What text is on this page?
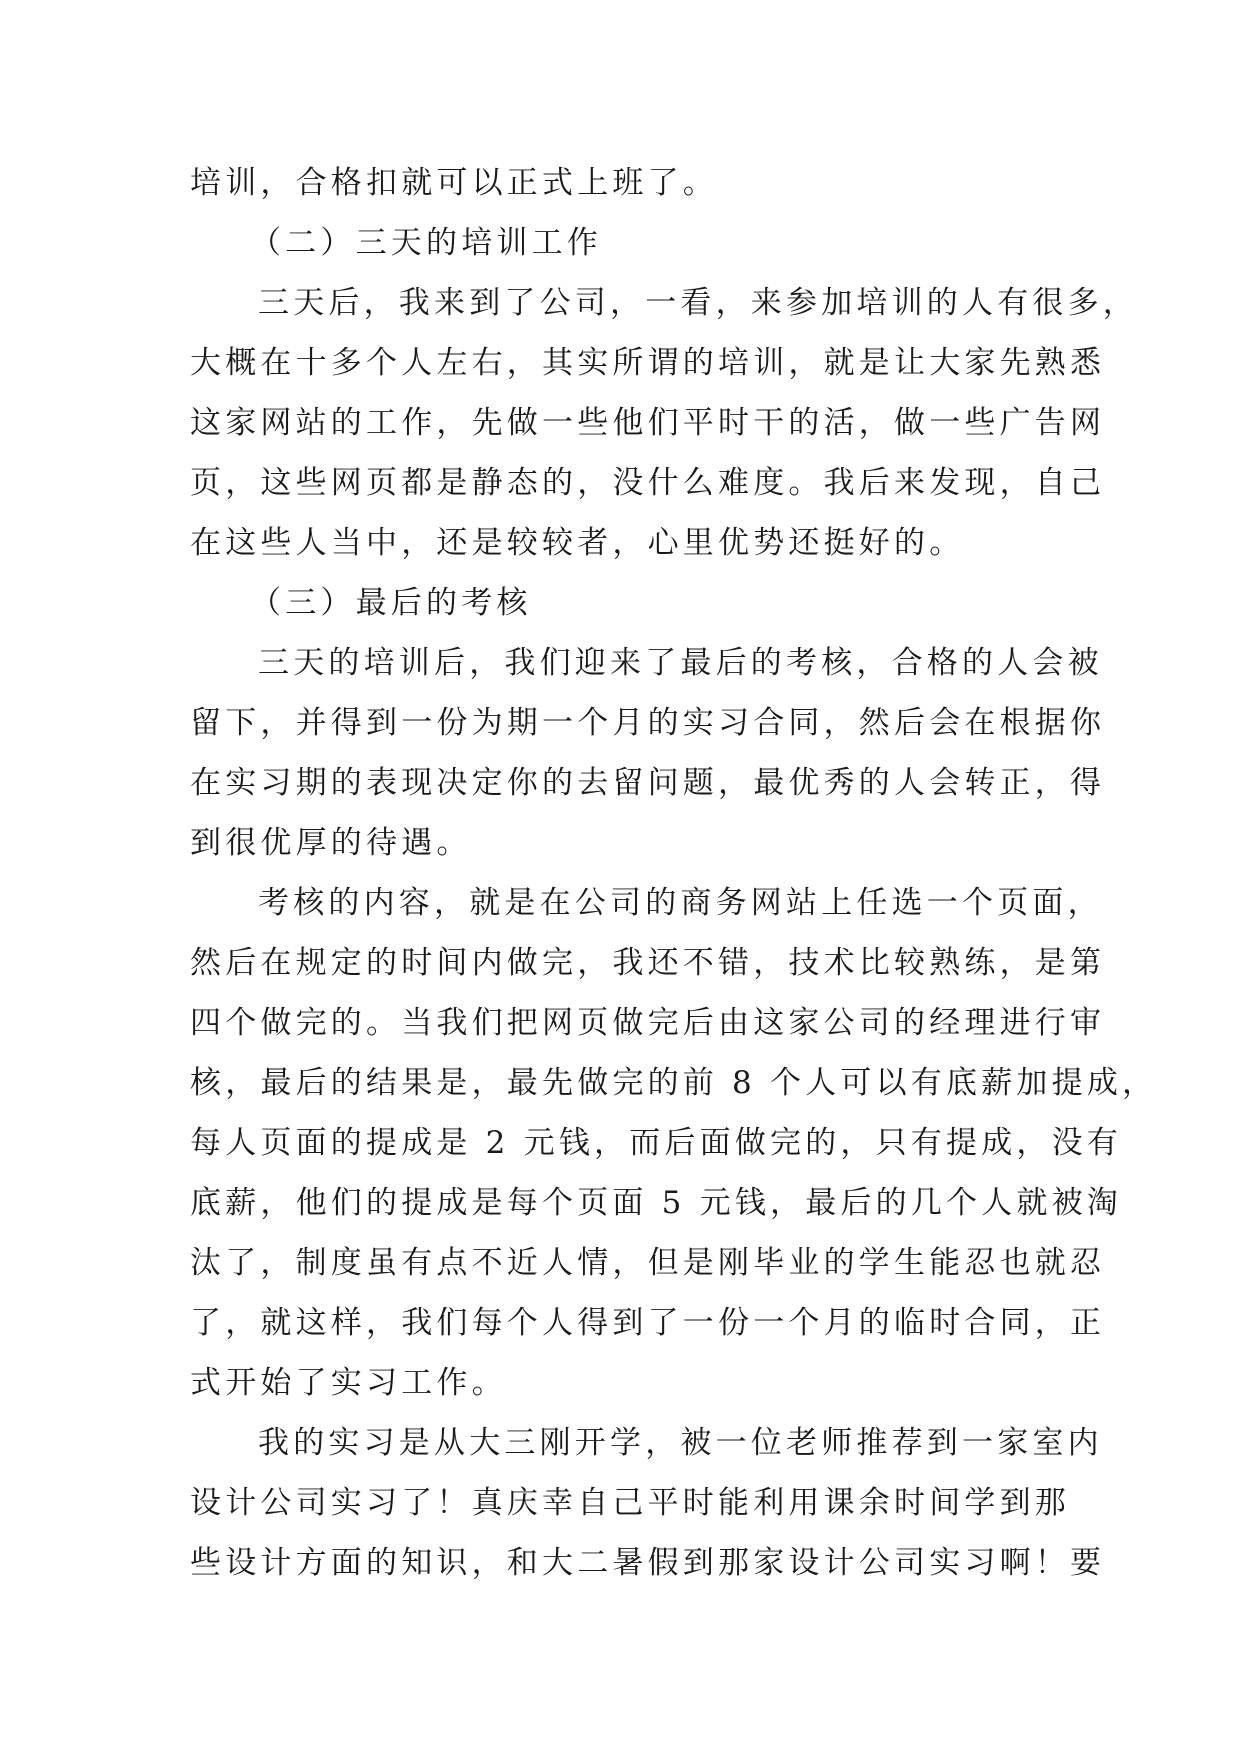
培训，合格扣就可以正式上班了。
（二）三天的培训工作
三天后，我来到了公司，一看，来参加培训的人有很多，
大概在十多个人左右，其实所谓的培训，就是让大家先熟悉
这家网站的工作，先做一些他们平时干的活，做一些广告网
页，这些网页都是静态的，没什么难度。我后来发现，自己
在这些人当中，还是较较者，心里优势还挺好的。
（三）最后的考核
三天的培训后，我们迎来了最后的考核，合格的人会被
留下，并得到一份为期一个月的实习合同，然后会在根据你
在实习期的表现决定你的去留问题，最优秀的人会转正，得
到很优厚的待遇。
考核的内容，就是在公司的商务网站上任选一个页面，
然后在规定的时间内做完，我还不错，技术比较熟练，是第
四个做完的。当我们把网页做完后由这家公司的经理进行审
核，最后的结果是，最先做完的前 8 个人可以有底薪加提成，
每人页面的提成是 2 元钱，而后面做完的，只有提成，没有
底薪，他们的提成是每个页面 5 元钱，最后的几个人就被淘
汰了，制度虽有点不近人情，但是刚毕业的学生能忍也就忍
了，就这样，我们每个人得到了一份一个月的临时合同，正
式开始了实习工作。
我的实习是从大三刚开学，被一位老师推荐到一家室内
设计公司实习了！真庆幸自己平时能利用课余时间学到那
些设计方面的知识，和大二暑假到那家设计公司实习啊！要
